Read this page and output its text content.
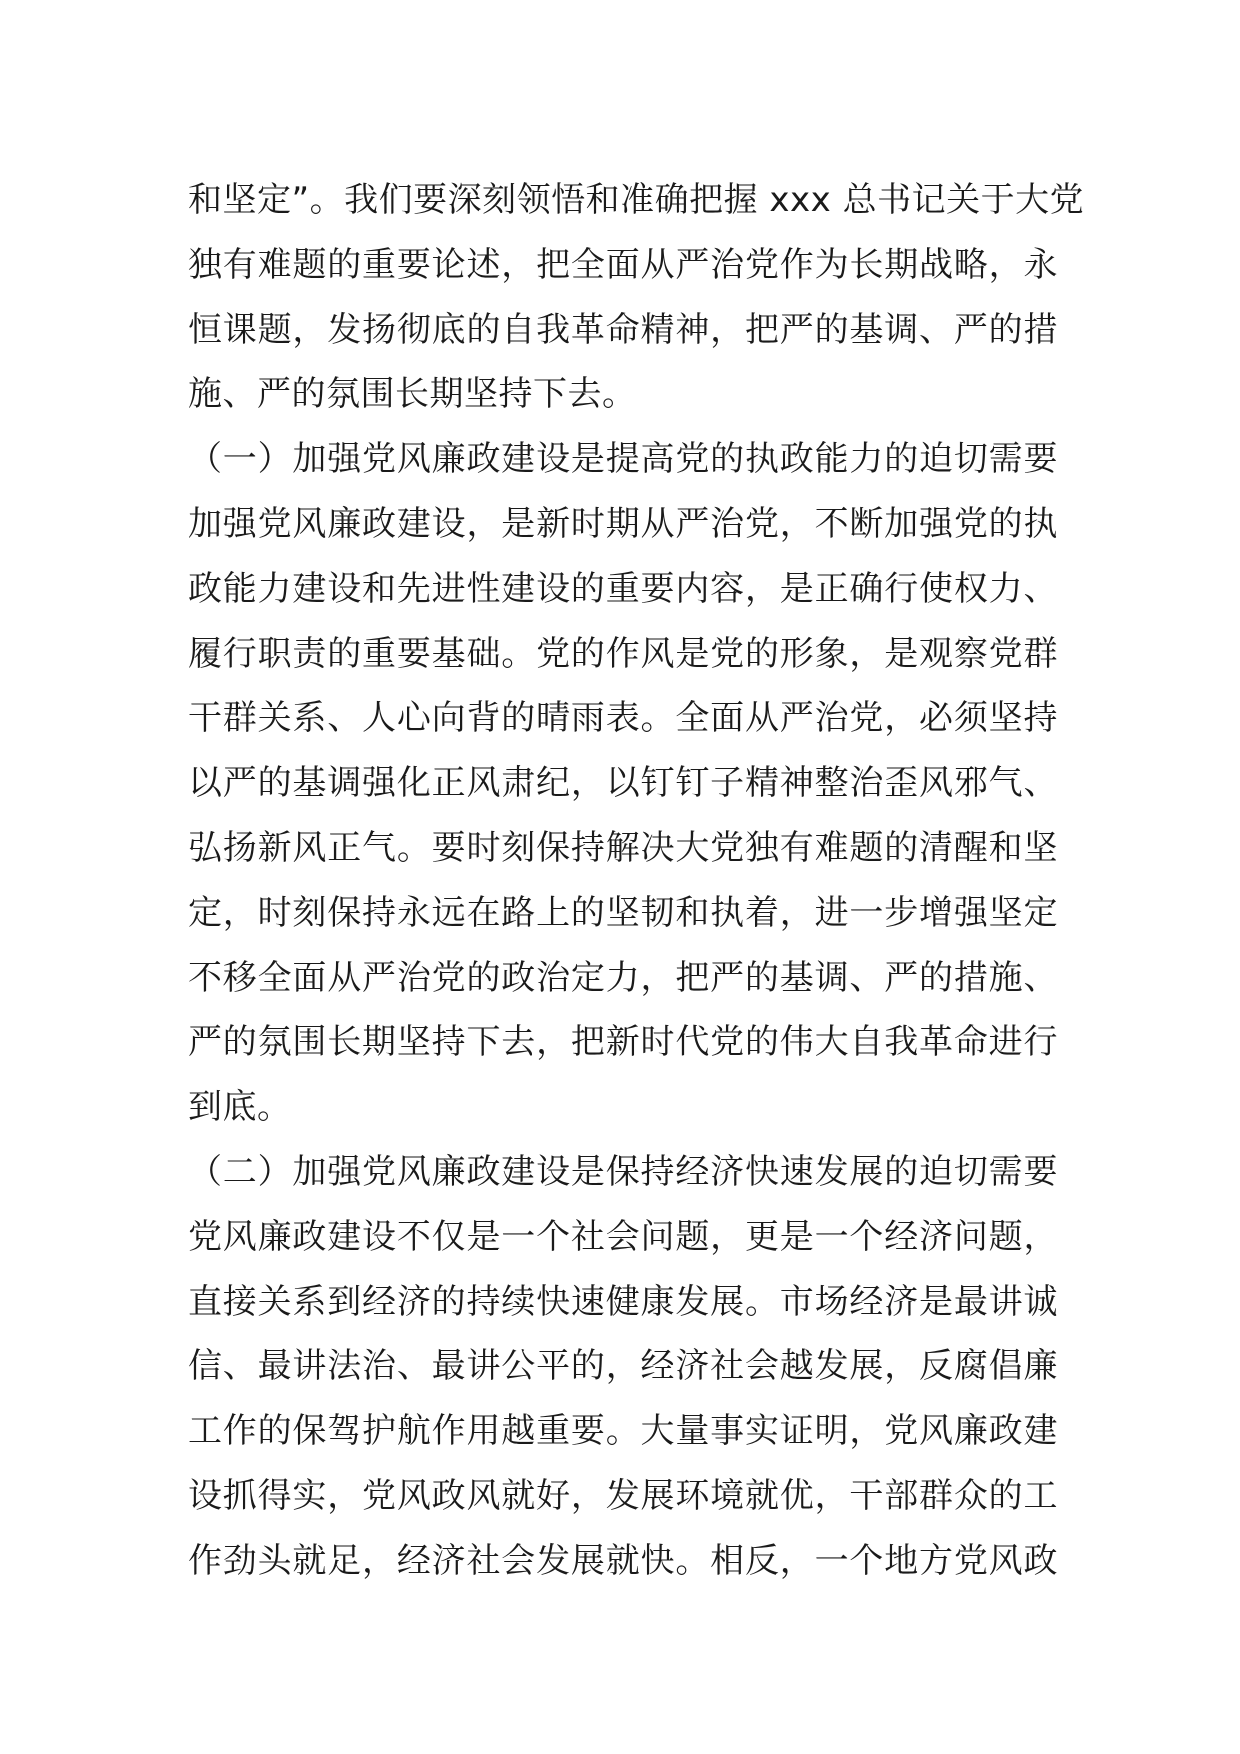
和坚定”。我们要深刻领悟和准确把握 xxx 总书记关于大党
独有难题的重要论述，把全面从严治党作为长期战略，永
恒课题，发扬彻底的自我革命精神，把严的基调、严的措
施、严的氛围长期坚持下去。
（一）加强党风廉政建设是提高党的执政能力的迫切需要
加强党风廉政建设，是新时期从严治党，不断加强党的执
政能力建设和先进性建设的重要内容，是正确行使权力、
履行职责的重要基础。党的作风是党的形象，是观察党群
干群关系、人心向背的晴雨表。全面从严治党，必须坚持
以严的基调强化正风肃纪，以钉钉子精神整治歪风邪气、
弘扬新风正气。要时刻保持解决大党独有难题的清醒和坚
定，时刻保持永远在路上的坚韧和执着，进一步增强坚定
不移全面从严治党的政治定力，把严的基调、严的措施、
严的氛围长期坚持下去，把新时代党的伟大自我革命进行
到底。
（二）加强党风廉政建设是保持经济快速发展的迫切需要
党风廉政建设不仅是一个社会问题，更是一个经济问题，
直接关系到经济的持续快速健康发展。市场经济是最讲诚
信、最讲法治、最讲公平的，经济社会越发展，反腐倡廉
工作的保驾护航作用越重要。大量事实证明，党风廉政建
设抓得实，党风政风就好，发展环境就优，干部群众的工
作劲头就足，经济社会发展就快。相反，一个地方党风政
